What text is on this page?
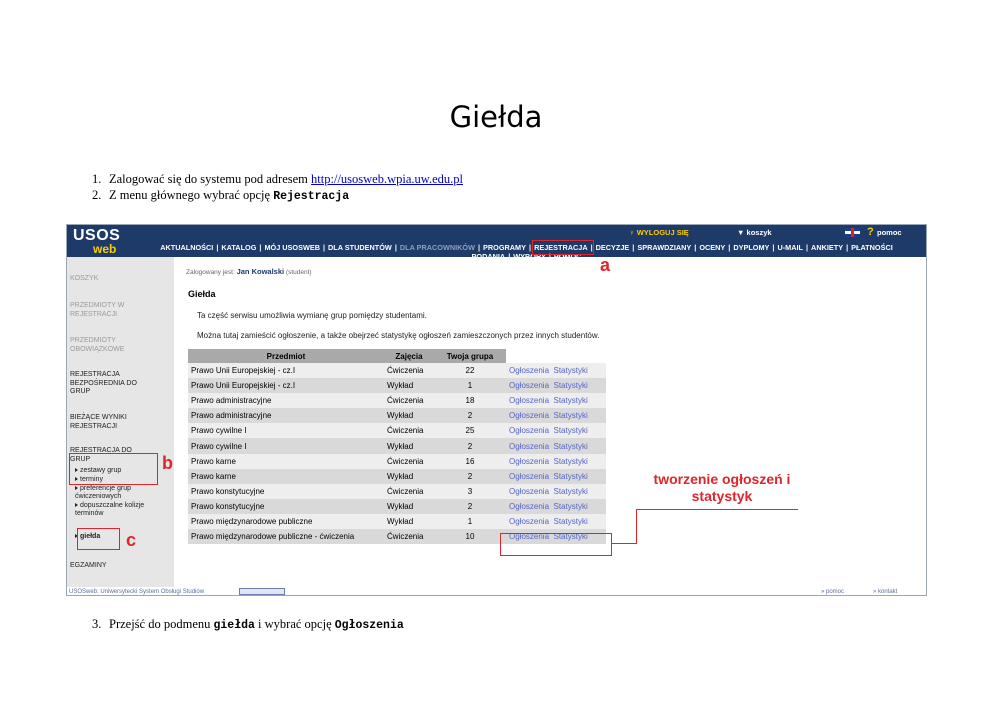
Giełda
1. Zalogować się do systemu pod adresem http://usosweb.wpia.uw.edu.pl
2. Z menu głównego wybrać opcję Rejestracja
USOS
web
♀ WYLOGUJ SIĘ	▼ koszyk	? pomoc
AKTUALNOŚCI | KATALOG | MÓJ USOSWEB | DLA STUDENTÓW | DLA PRACOWNIKÓW | PROGRAMY | REJESTRACJA | DECYZJE | SPRAWDZIANY | OCENY | DYPLOMY | U-MAIL | ANKIETY | PŁATNOŚCI
PODANIA | WYBORY | POMOC
KOSZYK
PRZEDMIOTY W REJESTRACJI
PRZEDMIOTY OBOWIĄZKOWE
REJESTRACJA BEZPOŚREDNIA DO GRUP
BIEŻĄCE WYNIKI REJESTRACJI
REJESTRACJA DO GRUP
zestawy grup
terminy
preferencje grup ćwiczeniowych
dopuszczalne kolizje terminów
giełda
EGZAMINY
Zalogowany jest: Jan Kowalski (student)
Giełda
Ta część serwisu umożliwia wymianę grup pomiędzy studentami.
Można tutaj zamieścić ogłoszenie, a także obejrzeć statystykę ogłoszeń zamieszczonych przez innych studentów.
Przedmiot	Zajęcia	Twoja grupa	
Prawo Unii Europejskiej - cz.I	Ćwiczenia	22	Ogłoszenia Statystyki
Prawo Unii Europejskiej - cz.I	Wykład	1	Ogłoszenia Statystyki
Prawo administracyjne	Ćwiczenia	18	Ogłoszenia Statystyki
Prawo administracyjne	Wykład	2	Ogłoszenia Statystyki
Prawo cywilne I	Ćwiczenia	25	Ogłoszenia Statystyki
Prawo cywilne I	Wykład	2	Ogłoszenia Statystyki
Prawo karne	Ćwiczenia	16	Ogłoszenia Statystyki
Prawo karne	Wykład	2	Ogłoszenia Statystyki
Prawo konstytucyjne	Ćwiczenia	3	Ogłoszenia Statystyki
Prawo konstytucyjne	Wykład	2	Ogłoszenia Statystyki
Prawo międzynarodowe publiczne	Wykład	1	Ogłoszenia Statystyki
Prawo międzynarodowe publiczne - ćwiczenia	Ćwiczenia	10	Ogłoszenia Statystyki
USOSweb: Uniwersytecki System Obsługi Studiów	» pomoc	» kontakt
a
b
c
tworzenie ogłoszeń i statystyk
3. Przejść do podmenu giełda i wybrać opcję Ogłoszenia
